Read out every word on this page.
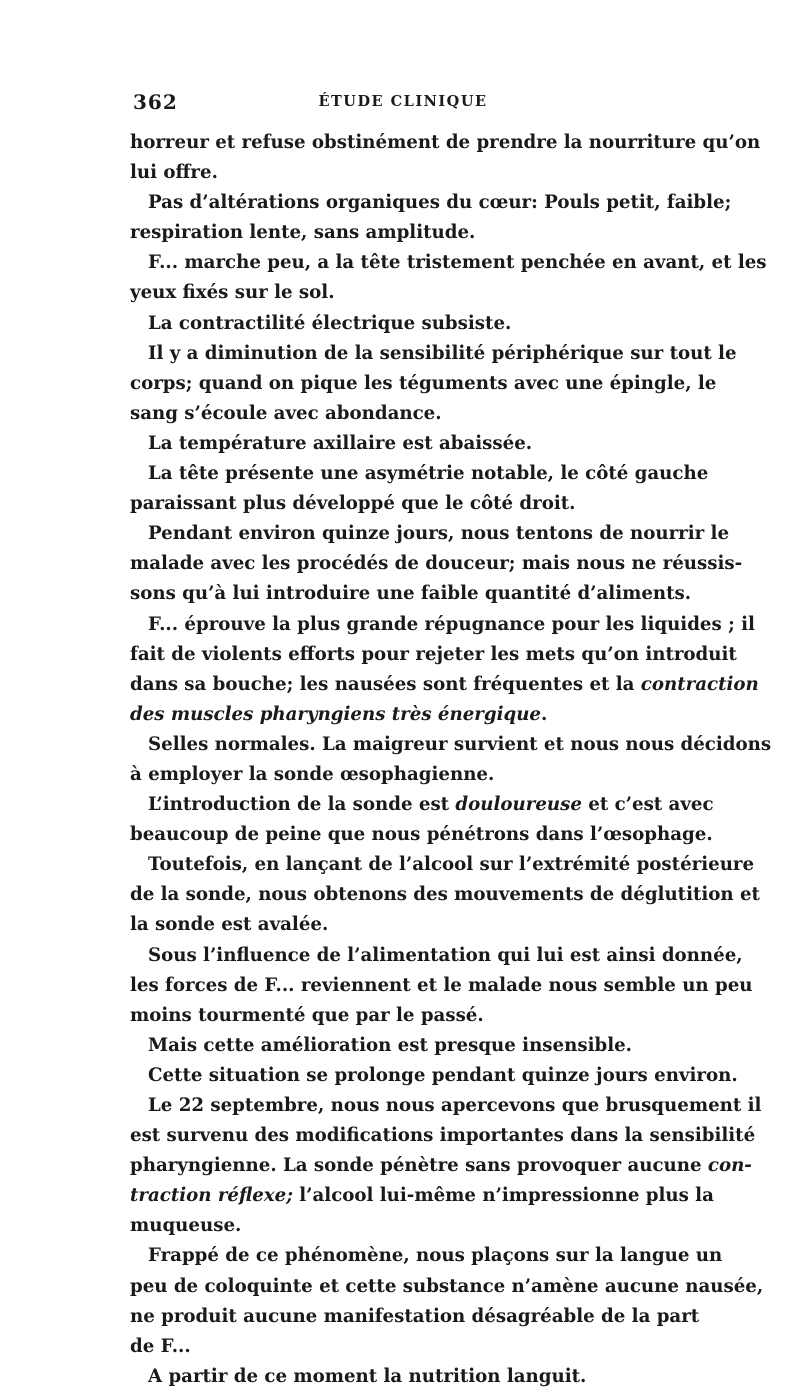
362	ÉTUDE CLINIQUE
horreur et refuse obstinément de prendre la nourriture qu’on
lui offre.
Pas d’altérations organiques du cœur: Pouls petit, faible;
respiration lente, sans amplitude.
F... marche peu, a la tête tristement penchée en avant, et les
yeux fixés sur le sol.
La contractilité électrique subsiste.
Il y a diminution de la sensibilité périphérique sur tout le
corps; quand on pique les téguments avec une épingle, le
sang s’écoule avec abondance.
La température axillaire est abaissée.
La tête présente une asymétrie notable, le côté gauche
paraissant plus développé que le côté droit.
Pendant environ quinze jours, nous tentons de nourrir le
malade avec les procédés de douceur; mais nous ne réussis-
sons qu’à lui introduire une faible quantité d’aliments.
F... éprouve la plus grande répugnance pour les liquides ; il
fait de violents efforts pour rejeter les mets qu’on introduit
dans sa bouche; les nausées sont fréquentes et la contraction
des muscles pharyngiens très énergique.
Selles normales. La maigreur survient et nous nous décidons
à employer la sonde œsophagienne.
L’introduction de la sonde est douloureuse et c’est avec
beaucoup de peine que nous pénétrons dans l’œsophage.
Toutefois, en lançant de l’alcool sur l’extrémité postérieure
de la sonde, nous obtenons des mouvements de déglutition et
la sonde est avalée.
Sous l’influence de l’alimentation qui lui est ainsi donnée,
les forces de F... reviennent et le malade nous semble un peu
moins tourmenté que par le passé.
Mais cette amélioration est presque insensible.
Cette situation se prolonge pendant quinze jours environ.
Le 22 septembre, nous nous apercevons que brusquement il
est survenu des modifications importantes dans la sensibilité
pharyngienne. La sonde pénètre sans provoquer aucune con-
traction réflexe; l’alcool lui-même n’impressionne plus la
muqueuse.
Frappé de ce phénomène, nous plaçons sur la langue un
peu de coloquinte et cette substance n’amène aucune nausée,
ne produit aucune manifestation désagréable de la part
de F...
A partir de ce moment la nutrition languit.
